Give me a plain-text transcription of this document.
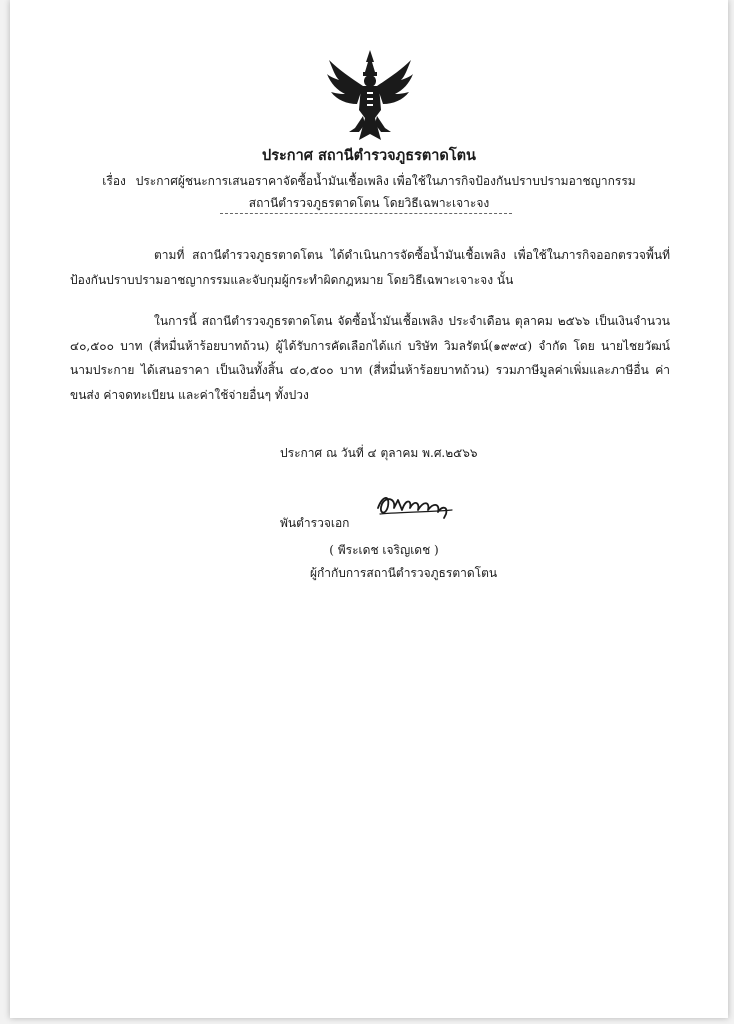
ประกาศ สถานีตำรวจภูธรตาดโตน
เรื่อง ประกาศผู้ชนะการเสนอราคาจัดซื้อน้ำมันเชื้อเพลิง เพื่อใช้ในภารกิจป้องกันปราบปรามอาชญากรรม
สถานีตำรวจภูธรตาดโตน โดยวิธีเฉพาะเจาะจง
ตามที่ สถานีตำรวจภูธรตาดโตน ได้ดำเนินการจัดซื้อน้ำมันเชื้อเพลิง เพื่อใช้ในภารกิจออกตรวจพื้นที่ ป้องกันปราบปรามอาชญากรรมและจับกุมผู้กระทำผิดกฎหมาย โดยวิธีเฉพาะเจาะจง นั้น
ในการนี้ สถานีตำรวจภูธรตาดโตน จัดซื้อน้ำมันเชื้อเพลิง ประจำเดือน ตุลาคม ๒๕๖๖ เป็นเงินจำนวน ๔๐,๕๐๐ บาท (สี่หมื่นห้าร้อยบาทถ้วน) ผู้ได้รับการคัดเลือกได้แก่ บริษัท วิมลรัตน์(๑๙๙๔) จำกัด โดย นายไชยวัฒน์ นามประกาย ได้เสนอราคา เป็นเงินทั้งสิ้น ๔๐,๕๐๐ บาท (สี่หมื่นห้าร้อยบาทถ้วน) รวมภาษีมูลค่าเพิ่มและภาษีอื่น ค่าขนส่ง ค่าจดทะเบียน และค่าใช้จ่ายอื่นๆ ทั้งปวง
ประกาศ ณ วันที่ ๔ ตุลาคม พ.ศ.๒๕๖๖
พันตำรวจเอก
( พีระเดช เจริญเดช )
ผู้กำกับการสถานีตำรวจภูธรตาดโตน
